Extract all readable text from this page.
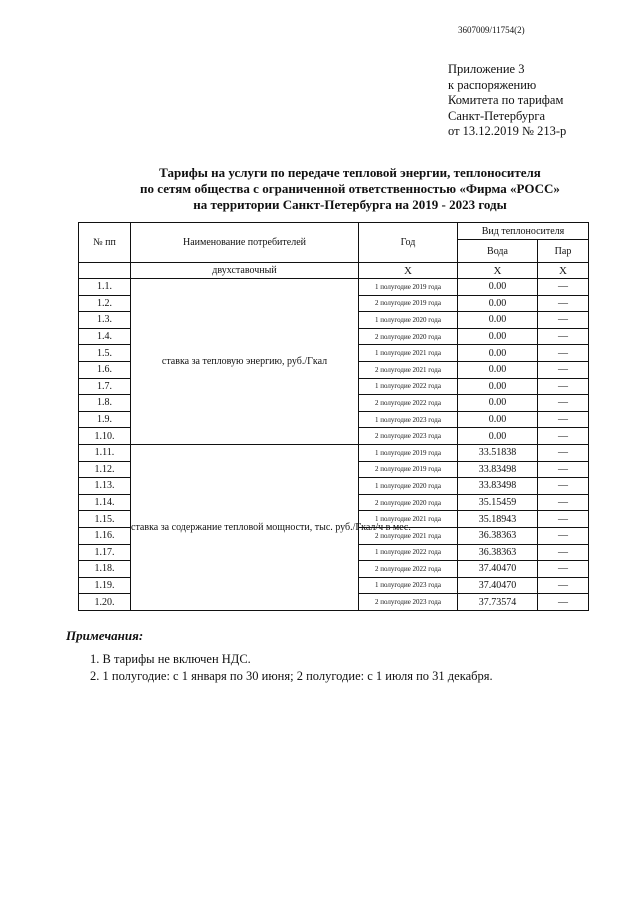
3607009/11754(2)
Приложение 3
к распоряжению
Комитета по тарифам
Санкт-Петербурга
от 13.12.2019 № 213-р
Тарифы на услуги по передаче тепловой энергии, теплоносителя
по сетям общества с ограниченной ответственностью «Фирма «РОСС»
на территории Санкт-Петербурга на 2019 - 2023 годы
№ пп	Наименование потребителей	Год	Вид теплоносителя	
			Вода	Пар
	двухставочный	X	X	X
1.1.	ставка за тепловую энергию, руб./Гкал	1 полугодие 2019 года	0.00	—
1.2.		2 полугодие 2019 года	0.00	—
1.3.		1 полугодие 2020 года	0.00	—
1.4.		2 полугодие 2020 года	0.00	—
1.5.		1 полугодие 2021 года	0.00	—
1.6.		2 полугодие 2021 года	0.00	—
1.7.		1 полугодие 2022 года	0.00	—
1.8.		2 полугодие 2022 года	0.00	—
1.9.		1 полугодие 2023 года	0.00	—
1.10.		2 полугодие 2023 года	0.00	—
1.11.	ставка за содержание тепловой мощности, тыс. руб./Гкал/ч в мес.	1 полугодие 2019 года	33.51838	—
1.12.		2 полугодие 2019 года	33.83498	—
1.13.		1 полугодие 2020 года	33.83498	—
1.14.		2 полугодие 2020 года	35.15459	—
1.15.		1 полугодие 2021 года	35.18943	—
1.16.		2 полугодие 2021 года	36.38363	—
1.17.		1 полугодие 2022 года	36.38363	—
1.18.		2 полугодие 2022 года	37.40470	—
1.19.		1 полугодие 2023 года	37.40470	—
1.20.		2 полугодие 2023 года	37.73574	—
Примечания:
1. В тарифы не включен НДС.
2. 1 полугодие: с 1 января по 30 июня; 2 полугодие: с 1 июля по 31 декабря.
